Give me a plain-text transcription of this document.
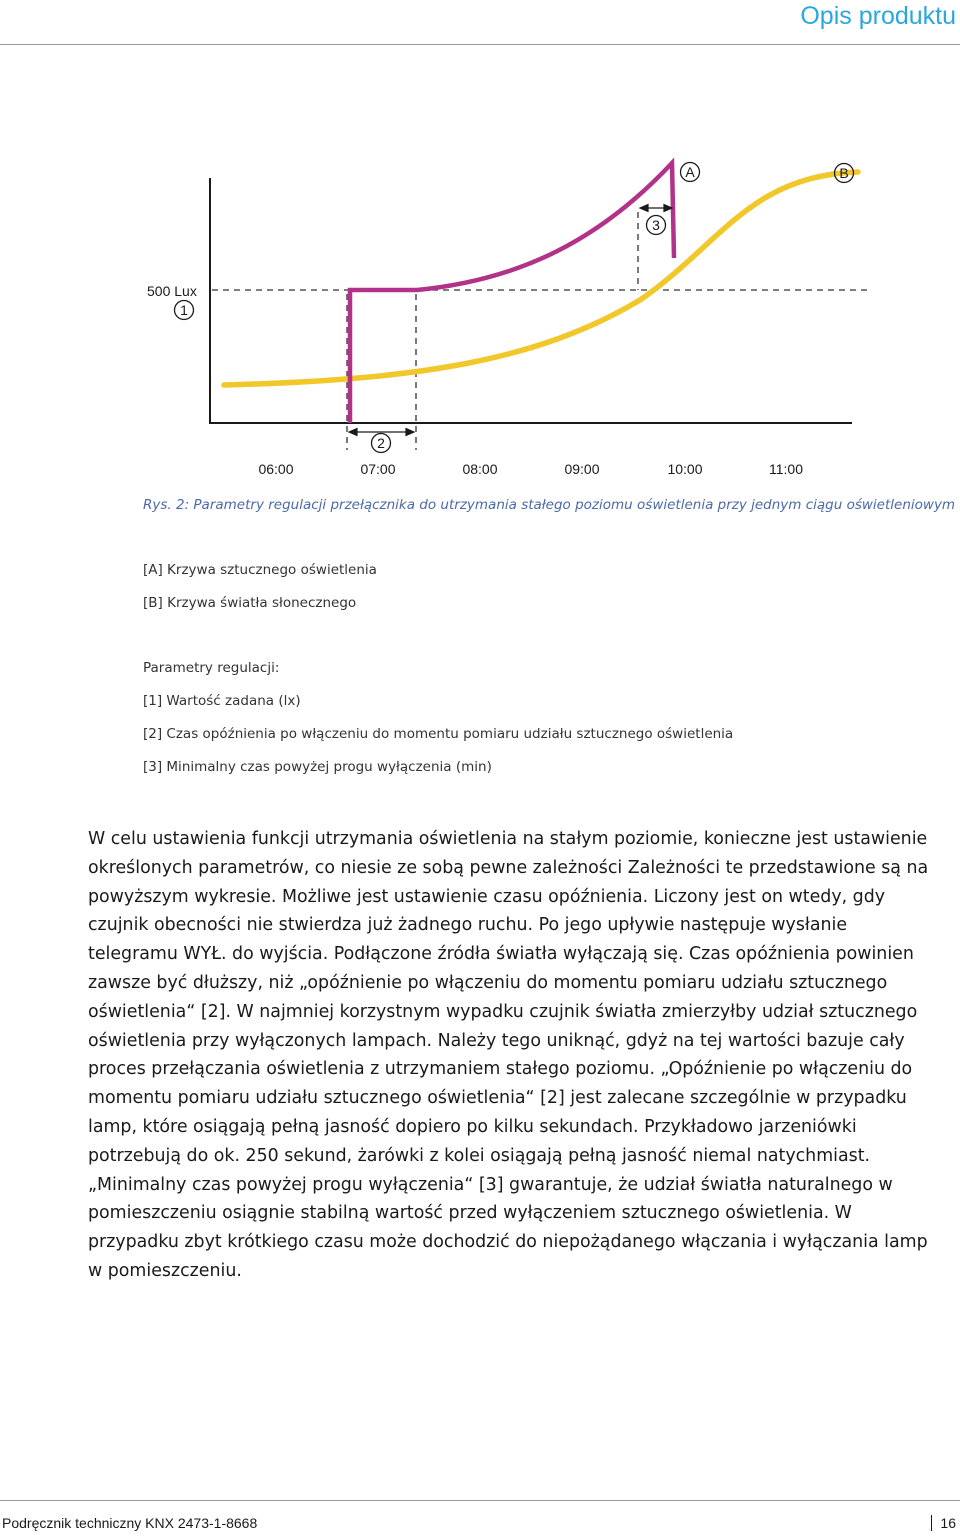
Opis produktu
1
2
3
A	B
500 Lux
06:00	07:00	08:00	09:00	10:00	11:00
Rys. 2: Parametry regulacji przełącznika do utrzymania stałego poziomu oświetlenia przy jednym ciągu oświetleniowym
[A] Krzywa sztucznego oświetlenia
[B] Krzywa światła słonecznego
Parametry regulacji:
[1] Wartość zadana (lx)
[2] Czas opóźnienia po włączeniu do momentu pomiaru udziału sztucznego oświetlenia
[3] Minimalny czas powyżej progu wyłączenia (min)

W celu ustawienia funkcji utrzymania oświetlenia na stałym poziomie, konieczne jest ustawienie określonych parametrów, co niesie ze sobą pewne zależności Zależności te przedstawione są na powyższym wykresie. Możliwe jest ustawienie czasu opóźnienia. Liczony jest on wtedy, gdy czujnik obecności nie stwierdza już żadnego ruchu. Po jego upływie następuje wysłanie telegramu WYŁ. do wyjścia. Podłączone źródła światła wyłączają się. Czas opóźnienia powinien zawsze być dłuższy, niż „opóźnienie po włączeniu do momentu pomiaru udziału sztucznego oświetlenia“ [2]. W najmniej korzystnym wypadku czujnik światła zmierzyłby udział sztucznego oświetlenia przy wyłączonych lampach. Należy tego uniknąć, gdyż na tej wartości bazuje cały proces przełączania oświetlenia z utrzymaniem stałego poziomu. „Opóźnienie po włączeniu do momentu pomiaru udziału sztucznego oświetlenia“ [2] jest zalecane szczególnie w przypadku lamp, które osiągają pełną jasność dopiero po kilku sekundach. Przykładowo jarzeniówki potrzebują do ok. 250 sekund, żarówki z kolei osiągają pełną jasność niemal natychmiast. „Minimalny czas powyżej progu wyłączenia“ [3] gwarantuje, że udział światła naturalnego w pomieszczeniu osiągnie stabilną wartość przed wyłączeniem sztucznego oświetlenia. W przypadku zbyt krótkiego czasu może dochodzić do niepożądanego włączania i wyłączania lamp w pomieszczeniu.

Podręcznik techniczny KNX 2473-1-8668	16
